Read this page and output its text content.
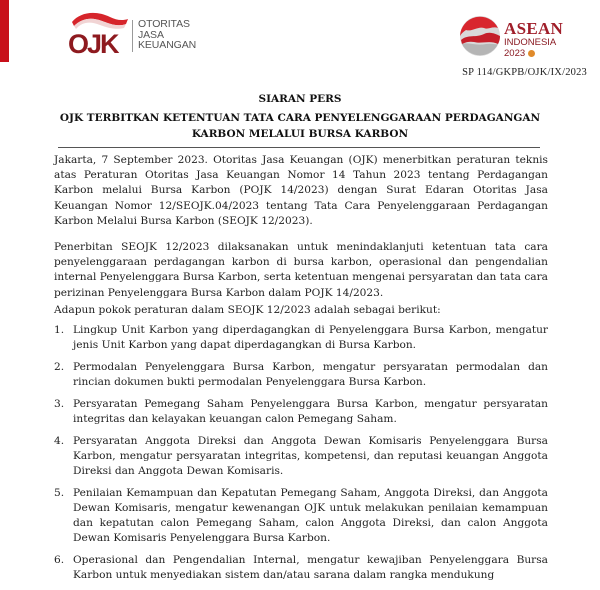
OJK
OTORITAS
JASA
KEUANGAN
ASEAN
INDONESIA
2023
SP 114/GKPB/OJK/IX/2023
SIARAN PERS
OJK TERBITKAN KETENTUAN TATA CARA PENYELENGGARAAN PERDAGANGAN
KARBON MELALUI BURSA KARBON

Jakarta, 7 September 2023. Otoritas Jasa Keuangan (OJK) menerbitkan peraturan teknis atas Peraturan Otoritas Jasa Keuangan Nomor 14 Tahun 2023 tentang Perdagangan Karbon melalui Bursa Karbon (POJK 14/2023) dengan Surat Edaran Otoritas Jasa Keuangan Nomor 12/SEOJK.04/2023 tentang Tata Cara Penyelenggaraan Perdagangan Karbon Melalui Bursa Karbon (SEOJK 12/2023).

Penerbitan SEOJK 12/2023 dilaksanakan untuk menindaklanjuti ketentuan tata cara penyelenggaraan perdagangan karbon di bursa karbon, operasional dan pengendalian internal Penyelenggara Bursa Karbon, serta ketentuan mengenai persyaratan dan tata cara perizinan Penyelenggara Bursa Karbon dalam POJK 14/2023.

Adapun pokok peraturan dalam SEOJK 12/2023 adalah sebagai berikut:

1. Lingkup Unit Karbon yang diperdagangkan di Penyelenggara Bursa Karbon, mengatur jenis Unit Karbon yang dapat diperdagangkan di Bursa Karbon.
2. Permodalan Penyelenggara Bursa Karbon, mengatur persyaratan permodalan dan rincian dokumen bukti permodalan Penyelenggara Bursa Karbon.
3. Persyaratan Pemegang Saham Penyelenggara Bursa Karbon, mengatur persyaratan integritas dan kelayakan keuangan calon Pemegang Saham.
4. Persyaratan Anggota Direksi dan Anggota Dewan Komisaris Penyelenggara Bursa Karbon, mengatur persyaratan integritas, kompetensi, dan reputasi keuangan Anggota Direksi dan Anggota Dewan Komisaris.
5. Penilaian Kemampuan dan Kepatutan Pemegang Saham, Anggota Direksi, dan Anggota Dewan Komisaris, mengatur kewenangan OJK untuk melakukan penilaian kemampuan dan kepatutan calon Pemegang Saham, calon Anggota Direksi, dan calon Anggota Dewan Komisaris Penyelenggara Bursa Karbon.
6. Operasional dan Pengendalian Internal, mengatur kewajiban Penyelenggara Bursa Karbon untuk menyediakan sistem dan/atau sarana dalam rangka mendukung
